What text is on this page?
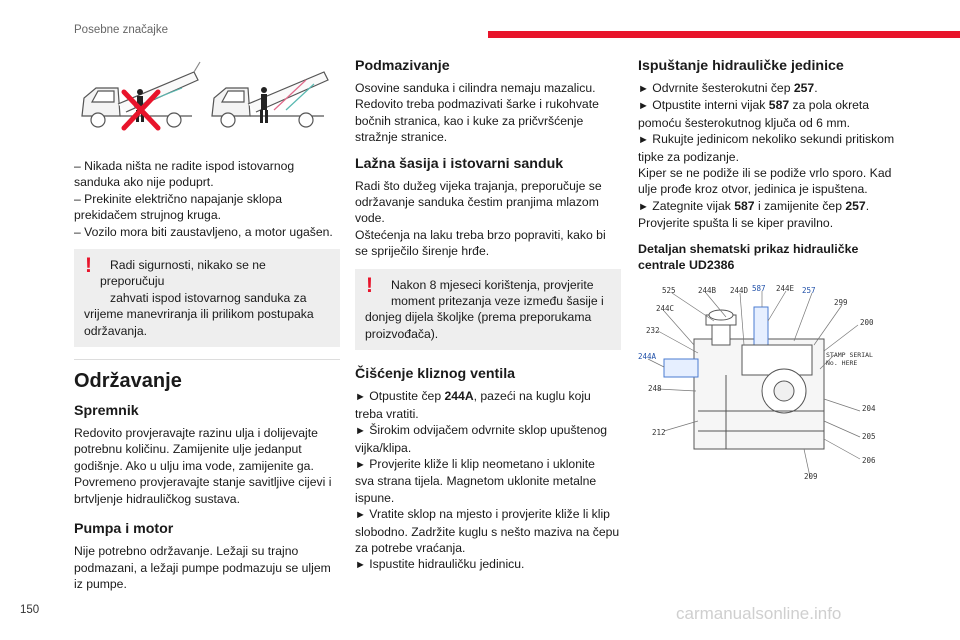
Posebne značajke
– Nikada ništa ne radite ispod istovarnog
sanduka ako nije poduprt.
– Prekinite električno napajanje sklopa
prekidačem strujnog kruga.
– Vozilo mora biti zaustavljeno, a motor ugašen.
!	Radi sigurnosti, nikako se ne preporučuju
zahvati ispod istovarnog sanduka za
vrijeme manevriranja ili prilikom postupaka
održavanja.
Održavanje
Spremnik
Redovito provjeravajte razinu ulja i dolijevajte
potrebnu količinu. Zamijenite ulje jedanput
godišnje. Ako u ulju ima vode, zamijenite ga.
Povremeno provjeravajte stanje savitljive cijevi i
brtvljenje hidrauličkog sustava.
Pumpa i motor
Nije potrebno održavanje. Ležaji su trajno
podmazani, a ležaji pumpe podmazuju se uljem
iz pumpe.
Podmazivanje
Osovine sanduka i cilindra nemaju mazalicu.
Redovito treba podmazivati šarke i rukohvate
bočnih stranica, kao i kuke za pričvršćenje
stražnje stranice.
Lažna šasija i istovarni sanduk
Radi što dužeg vijeka trajanja, preporučuje se
održavanje sanduka čestim pranjima mlazom
vode.
Oštećenja na laku treba brzo popraviti, kako bi
se spriječilo širenje hrđe.
!	Nakon 8 mjeseci korištenja, provjerite
moment pritezanja veze između šasije i
donjeg dijela školjke (prema preporukama
proizvođača).
Čišćenje kliznog ventila
► Otpustite čep 244A, pazeći na kuglu koju
treba vratiti.
► Širokim odvijačem odvrnite sklop upuštenog
vijka/klipa.
► Provjerite kliže li klip neometano i uklonite
sva strana tijela. Magnetom uklonite metalne
ispune.
► Vratite sklop na mjesto i provjerite kliže li klip
slobodno. Zadržite kuglu s nešto maziva na čepu
za potrebe vraćanja.
► Ispustite hidrauličku jedinicu.
Ispuštanje hidrauličke jedinice
► Odvrnite šesterokutni čep 257.
► Otpustite interni vijak 587 za pola okreta
pomoću šesterokutnog ključa od 6 mm.
► Rukujte jedinicom nekoliko sekundi pritiskom
tipke za podizanje.
Kiper se ne podiže ili se podiže vrlo sporo. Kad
ulje prođe kroz otvor, jedinica je ispuštena.
► Zategnite vijak 587 i zamijenite čep 257.
Provjerite spušta li se kiper pravilno.
Detaljan shematski prikaz hidrauličke
centrale UD2386
525	244B
244C
244A
248
212
232
244D	244E
587	257
299
200
204
205
206
209
STAMP SERIAL
No. HERE
150	carmanualsonline.info
